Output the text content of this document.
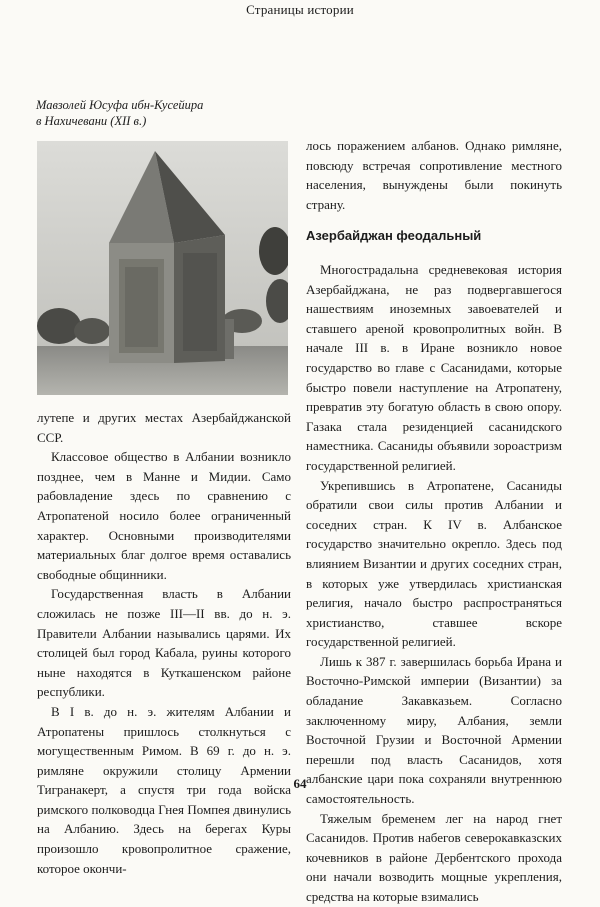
Страницы истории
Мавзолей Юсуфа ибн-Кусейира
в Нахичевани (XII в.)

лутепе и других местах Азербайджанской ССР.

Классовое общество в Албании возникло позднее, чем в Манне и Мидии. Само рабовладение здесь по сравнению с Атропатеной носило более ограниченный характер. Основными производителями материальных благ долгое время оставались свободные общинники.

Государственная власть в Албании сложилась не позже III—II вв. до н. э. Правители Албании назывались царями. Их столицей был город Кабала, руины которого ныне находятся в Куткашенском районе республики.

В I в. до н. э. жителям Албании и Атропатены пришлось столкнуться с могущественным Римом. В 69 г. до н. э. римляне окружили столицу Армении Тигранакерт, а спустя три года войска римского полководца Гнея Помпея двинулись на Албанию. Здесь на берегах Куры произошло кровопролитное сражение, которое окончи-

лось поражением албанов. Однако римляне, повсюду встречая сопротивление местного населения, вынуждены были покинуть страну.

Азербайджан феодальный

Многострадальна средневековая история Азербайджана, не раз подвергавшегося нашествиям иноземных завоевателей и ставшего ареной кровопролитных войн. В начале III в. в Иране возникло новое государство во главе с Сасанидами, которые быстро повели наступление на Атропатену, превратив эту богатую область в свою опору. Газака стала резиденцией сасанидского наместника. Сасаниды объявили зороастризм государственной религией.

Укрепившись в Атропатене, Сасаниды обратили свои силы против Албании и соседних стран. К IV в. Албанское государство значительно окрепло. Здесь под влиянием Византии и других соседних стран, в которых уже утвердилась христианская религия, начало быстро распространяться христианство, ставшее вскоре государственной религией.

Лишь к 387 г. завершилась борьба Ирана и Восточно-Римской империи (Византии) за обладание Закавказьем. Согласно заключенному миру, Албания, земли Восточной Грузии и Восточной Армении перешли под власть Сасанидов, хотя албанские цари пока сохраняли внутреннюю самостоятельность.

Тяжелым бременем лег на народ гнет Сасанидов. Против набегов северокавказских кочевников в районе Дербентского прохода они начали возводить мощные укрепления, средства на которые взимались

64
